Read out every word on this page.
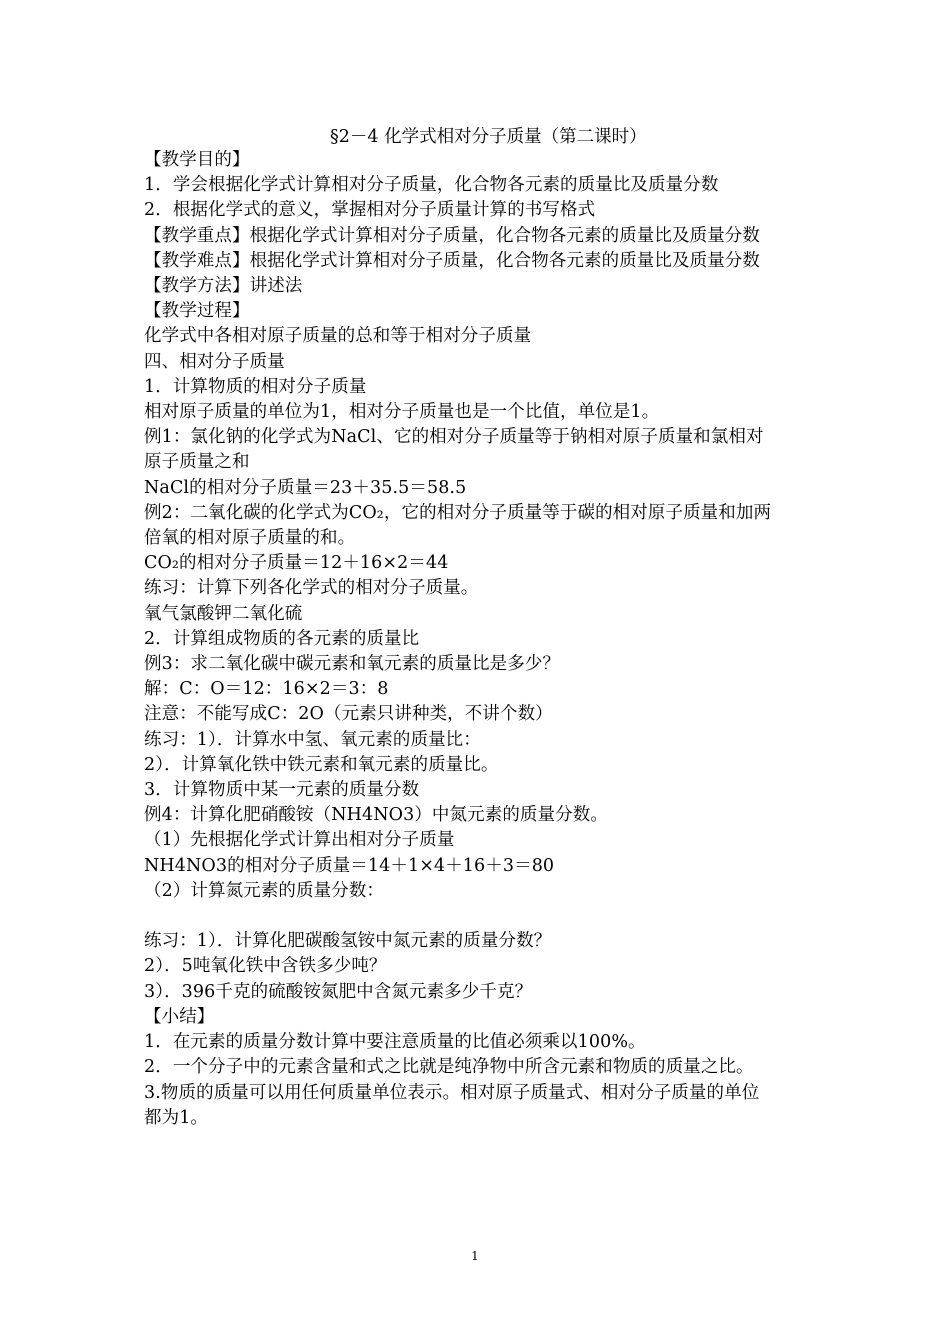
§2－4 化学式相对分子质量（第二课时）
【教学目的】
1．学会根据化学式计算相对分子质量，化合物各元素的质量比及质量分数
2．根据化学式的意义，掌握相对分子质量计算的书写格式
【教学重点】根据化学式计算相对分子质量，化合物各元素的质量比及质量分数
【教学难点】根据化学式计算相对分子质量，化合物各元素的质量比及质量分数
【教学方法】讲述法
【教学过程】
化学式中各相对原子质量的总和等于相对分子质量
四、相对分子质量
1．计算物质的相对分子质量
相对原子质量的单位为1，相对分子质量也是一个比值，单位是1。
例1：氯化钠的化学式为NaCl、它的相对分子质量等于钠相对原子质量和氯相对
原子质量之和
NaCl的相对分子质量＝23＋35.5＝58.5
例2：二氧化碳的化学式为CO₂，它的相对分子质量等于碳的相对原子质量和加两
倍氧的相对原子质量的和。
CO₂的相对分子质量＝12＋16×2＝44
练习：计算下列各化学式的相对分子质量。
氧气氯酸钾二氧化硫
2．计算组成物质的各元素的质量比
例3：求二氧化碳中碳元素和氧元素的质量比是多少？
解：C：O＝12：16×2＝3：8
注意：不能写成C：2O（元素只讲种类，不讲个数）
练习：1）．计算水中氢、氧元素的质量比：
2）．计算氧化铁中铁元素和氧元素的质量比。
3．计算物质中某一元素的质量分数
例4：计算化肥硝酸铵（NH4NO3）中氮元素的质量分数。
（1）先根据化学式计算出相对分子质量
NH4NO3的相对分子质量＝14＋1×4＋16＋3＝80
（2）计算氮元素的质量分数：
练习：1）．计算化肥碳酸氢铵中氮元素的质量分数？
2）．5吨氧化铁中含铁多少吨？
3）．396千克的硫酸铵氮肥中含氮元素多少千克？
【小结】
1．在元素的质量分数计算中要注意质量的比值必须乘以100%。
2．一个分子中的元素含量和式之比就是纯净物中所含元素和物质的质量之比。
3.物质的质量可以用任何质量单位表示。相对原子质量式、相对分子质量的单位
都为1。
1
